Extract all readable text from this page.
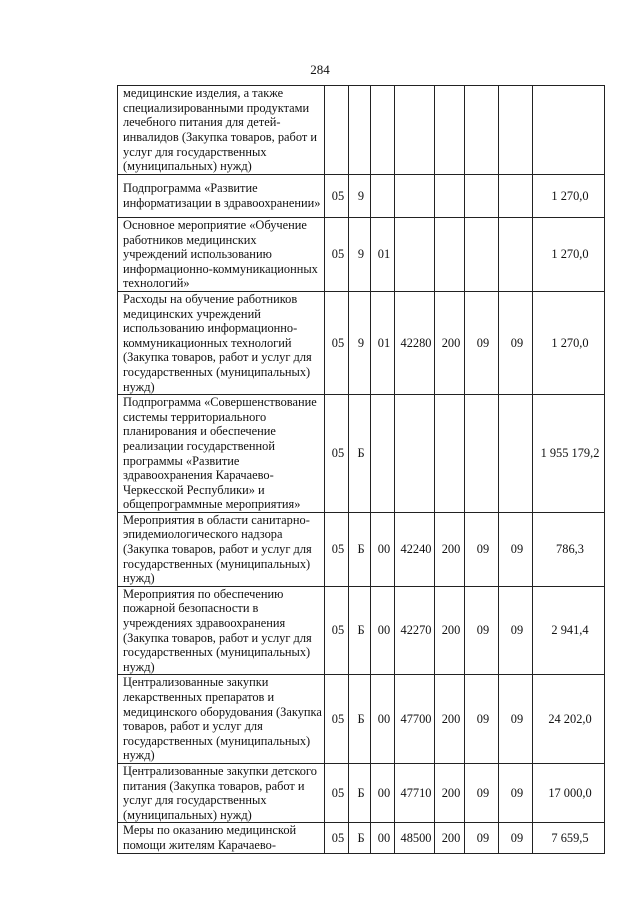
284
медицинские изделия, а также специализированными продуктами лечебного питания для детей-инвалидов (Закупка товаров, работ и услуг для государственных (муниципальных) нужд)								
Подпрограмма «Развитие информатизации в здравоохранении»	05	9						1 270,0
Основное мероприятие «Обучение работников медицинских учреждений использованию информационно-коммуникационных технологий»	05	9	01					1 270,0
Расходы на обучение работников медицинских учреждений использованию информационно-коммуникационных технологий (Закупка товаров, работ и услуг для государственных (муниципальных) нужд)	05	9	01	42280	200	09	09	1 270,0
Подпрограмма «Совершенствование системы территориального планирования и обеспечение реализации государственной программы «Развитие здравоохранения Карачаево-Черкесской Республики» и общепрограммные мероприятия»	05	Б						1 955 179,2
Мероприятия в области санитарно-эпидемиологического надзора (Закупка товаров, работ и услуг для государственных (муниципальных) нужд)	05	Б	00	42240	200	09	09	786,3
Мероприятия по обеспечению пожарной безопасности в учреждениях здравоохранения (Закупка товаров, работ и услуг для государственных (муниципальных) нужд)	05	Б	00	42270	200	09	09	2 941,4
Централизованные закупки лекарственных препаратов и медицинского оборудования (Закупка товаров, работ и услуг для государственных (муниципальных) нужд)	05	Б	00	47700	200	09	09	24 202,0
Централизованные закупки детского питания (Закупка товаров, работ и услуг для государственных (муниципальных) нужд)	05	Б	00	47710	200	09	09	17 000,0
Меры по оказанию медицинской помощи жителям Карачаево-	05	Б	00	48500	200	09	09	7 659,5
